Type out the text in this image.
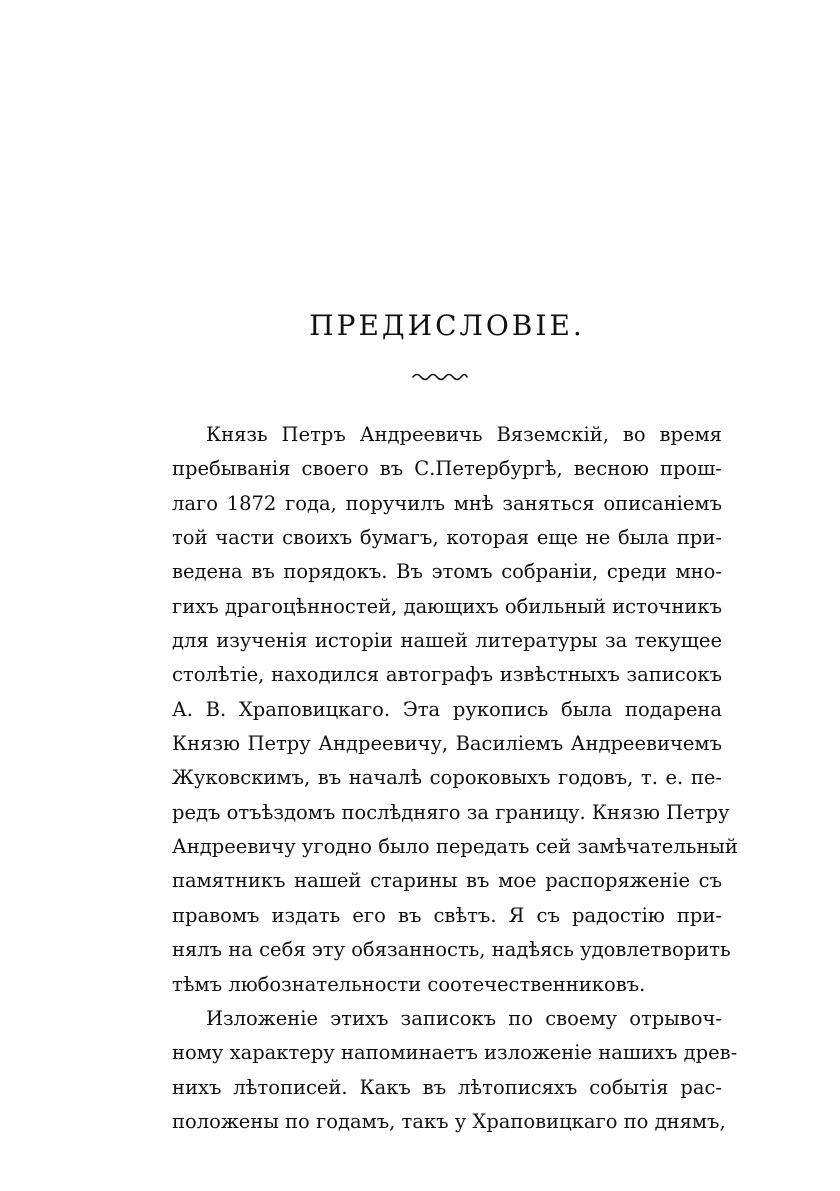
ПРЕДИСЛОВІЕ.

Князь Петръ Андреевичь Вяземскій, во время
пребыванія своего въ С.Петербургѣ, весною прош-
лаго 1872 года, поручилъ мнѣ заняться описаніемъ
той части своихъ бумагъ, которая еще не была при-
ведена въ порядокъ. Въ этомъ собраніи, среди мно-
гихъ драгоцѣнностей, дающихъ обильный источникъ
для изученія исторіи нашей литературы за текущее
столѣтіе, находился автографъ извѣстныхъ записокъ
А. В. Храповицкаго. Эта рукопись была подарена
Князю Петру Андреевичу, Василіемъ Андреевичемъ
Жуковскимъ, въ началѣ сороковыхъ годовъ, т. е. пе-
редъ отъѣздомъ послѣдняго за границу. Князю Петру
Андреевичу угодно было передать сей замѣчательный
памятникъ нашей старины въ мое распоряженіе съ
правомъ издать его въ свѣтъ. Я съ радостію при-
нялъ на себя эту обязанность, надѣясь удовлетворить
тѣмъ любознательности соотечественниковъ.

Изложеніе этихъ записокъ по своему отрывоч-
ному характеру напоминаетъ изложеніе нашихъ древ-
нихъ лѣтописей. Какъ въ лѣтописяхъ событія рас-
положены по годамъ, такъ у Храповицкаго по днямъ,
